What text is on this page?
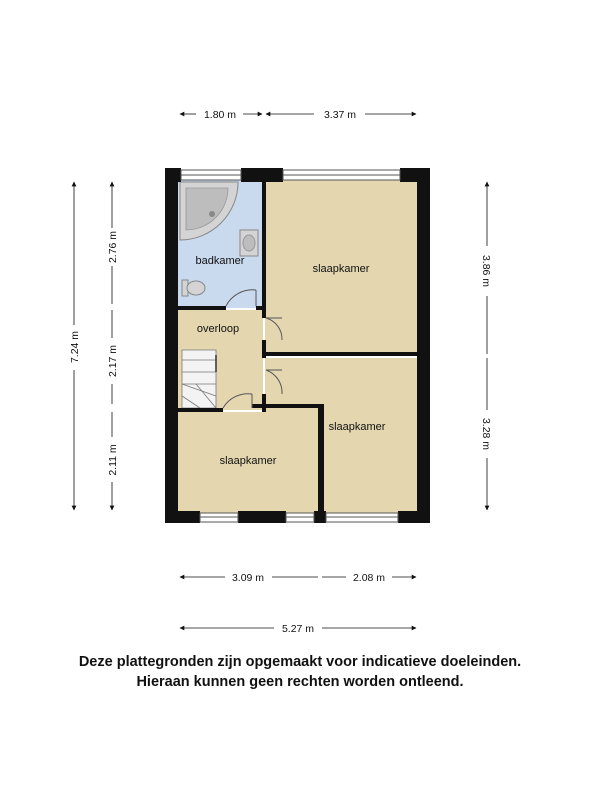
badkamer
slaapkamer
overloop
slaapkamer
slaapkamer
1.80 m	3.37 m
7.24 m
2.76 m
2.17 m
2.11 m
3.86 m
3.28 m
3.09 m	2.08 m
5.27 m
Deze plattegronden zijn opgemaakt voor indicatieve doeleinden.
Hieraan kunnen geen rechten worden ontleend.
